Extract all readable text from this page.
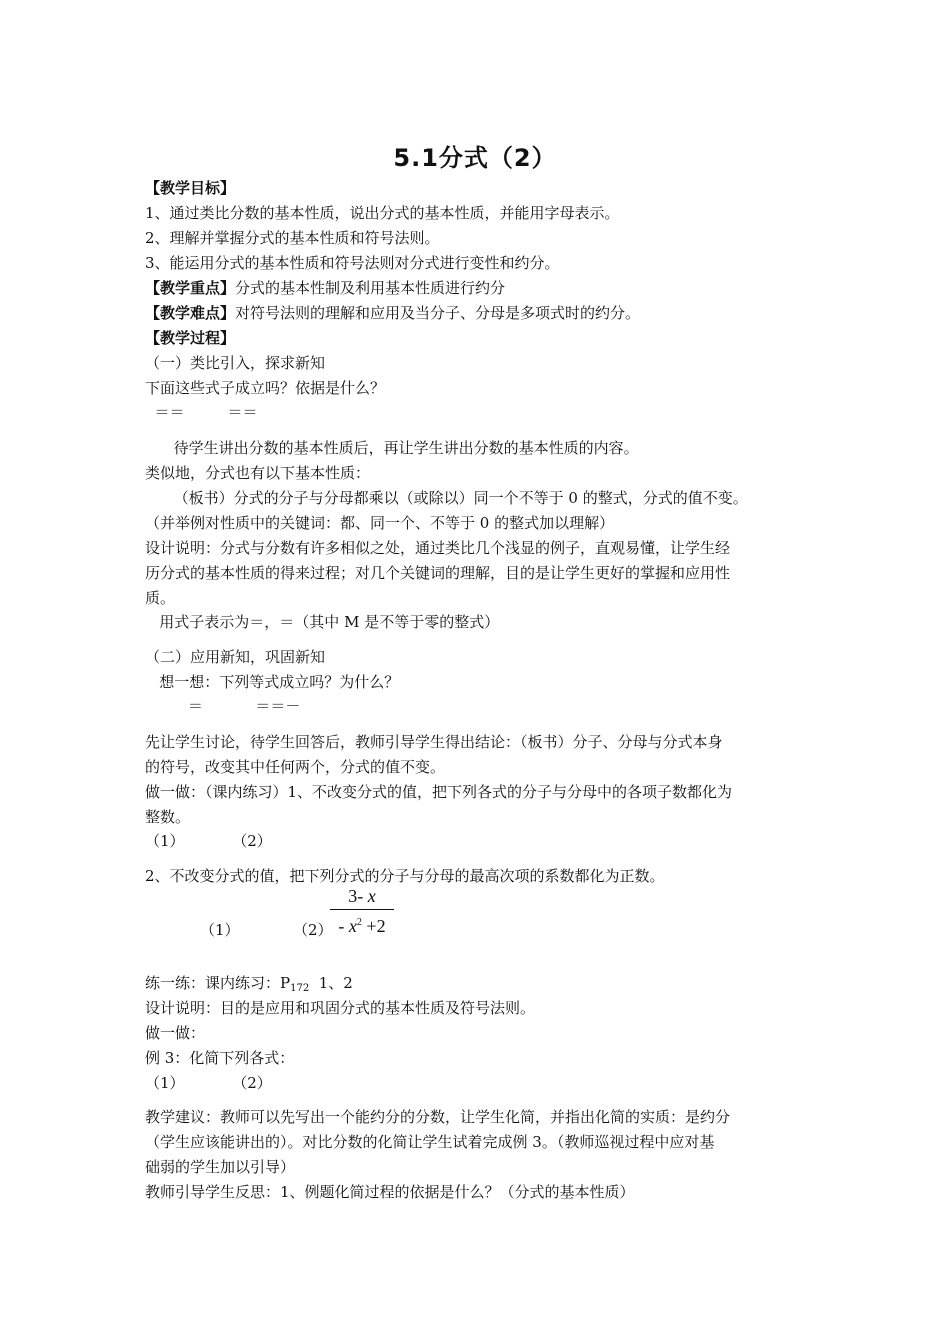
5.1分式（2）
【教学目标】
1、通过类比分数的基本性质，说出分式的基本性质，并能用字母表示。
2、理解并掌握分式的基本性质和符号法则。
3、能运用分式的基本性质和符号法则对分式进行变性和约分。
【教学重点】分式的基本性制及利用基本性质进行约分
【教学难点】对符号法则的理解和应用及当分子、分母是多项式时的约分。
【教学过程】
（一）类比引入，探求新知
下面这些式子成立吗？依据是什么？
＝＝         ＝＝
待学生讲出分数的基本性质后，再让学生讲出分数的基本性质的内容。
类似地，分式也有以下基本性质：
（板书）分式的分子与分母都乘以（或除以）同一个不等于 0 的整式，分式的值不变。
（并举例对性质中的关键词：都、同一个、不等于 0 的整式加以理解）
设计说明：分式与分数有许多相似之处，通过类比几个浅显的例子，直观易懂，让学生经
历分式的基本性质的得来过程；对几个关键词的理解，目的是让学生更好的掌握和应用性
质。
用式子表示为＝，＝（其中 M 是不等于零的整式）
（二）应用新知，巩固新知
想一想：下列等式成立吗？为什么？
＝           ＝＝－
先让学生讨论，待学生回答后，教师引导学生得出结论：（板书）分子、分母与分式本身
的符号，改变其中任何两个，分式的值不变。
做一做：（课内练习）1、不改变分式的值，把下列各式的分子与分母中的各项子数都化为
整数。
（1）          （2）
2、不改变分式的值，把下列分式的分子与分母的最高次项的系数都化为正数。
（1）	（2）
3- x
- $x^2 +2$
练一练：课内练习：$P_{172}$  1、2
设计说明：目的是应用和巩固分式的基本性质及符号法则。
做一做：
例 3：化简下列各式：
（1）          （2）
教学建议：教师可以先写出一个能约分的分数，让学生化简，并指出化简的实质：是约分
（学生应该能讲出的）。对比分数的化简让学生试着完成例 3。（教师巡视过程中应对基
础弱的学生加以引导）
教师引导学生反思：1、例题化简过程的依据是什么？（分式的基本性质）
